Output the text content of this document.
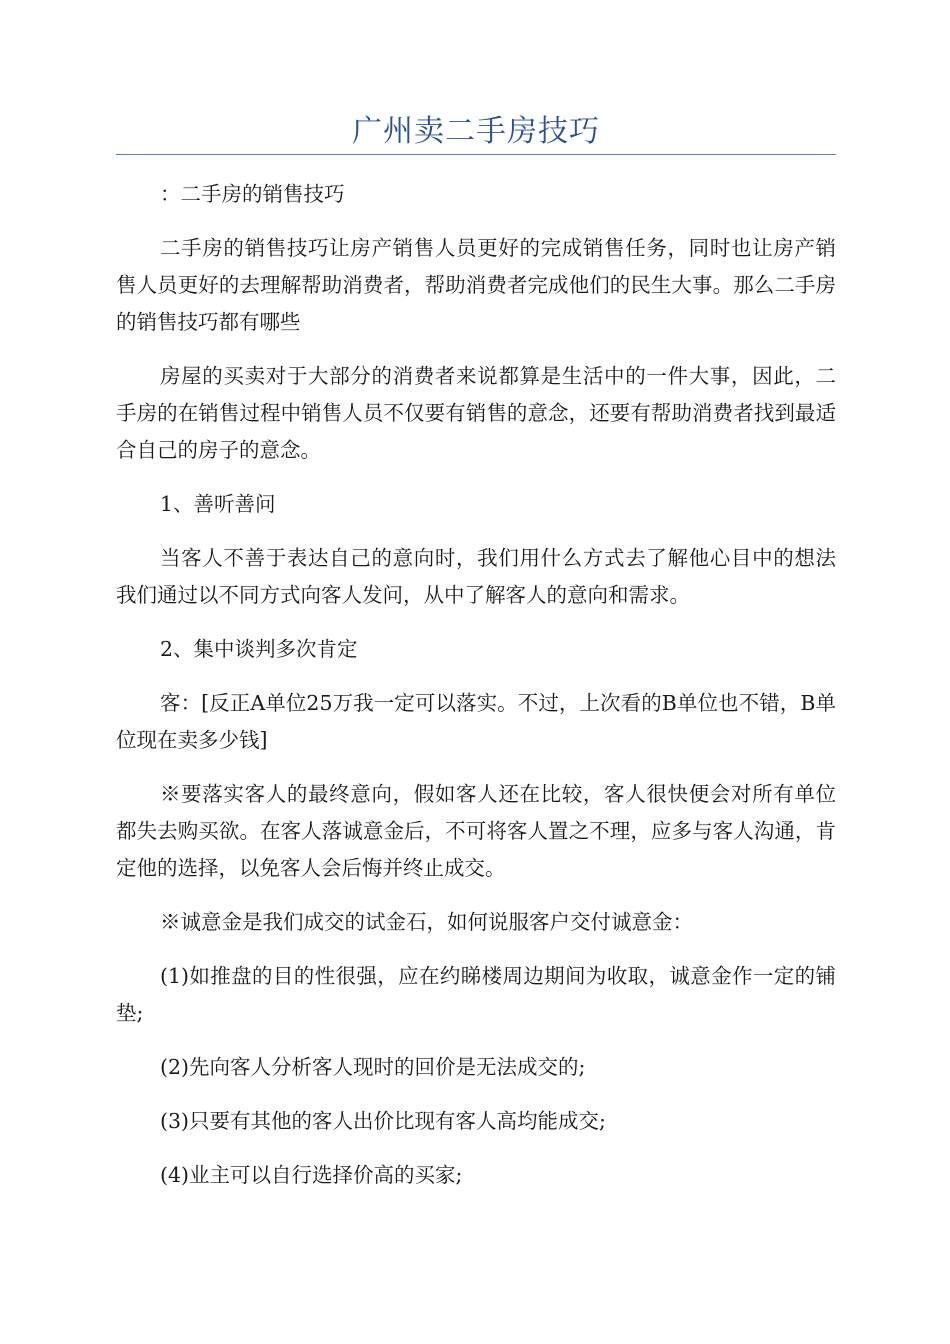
广州卖二手房技巧

：二手房的销售技巧

二手房的销售技巧让房产销售人员更好的完成销售任务，同时也让房产销售人员更好的去理解帮助消费者，帮助消费者完成他们的民生大事。那么二手房的销售技巧都有哪些

房屋的买卖对于大部分的消费者来说都算是生活中的一件大事，因此，二手房的在销售过程中销售人员不仅要有销售的意念，还要有帮助消费者找到最适合自己的房子的意念。

1、善听善问

当客人不善于表达自己的意向时，我们用什么方式去了解他心目中的想法我们通过以不同方式向客人发问，从中了解客人的意向和需求。

2、集中谈判多次肯定

客：[反正A单位25万我一定可以落实。不过，上次看的B单位也不错，B单位现在卖多少钱]

※要落实客人的最终意向，假如客人还在比较，客人很快便会对所有单位都失去购买欲。在客人落诚意金后，不可将客人置之不理，应多与客人沟通，肯定他的选择，以免客人会后悔并终止成交。

※诚意金是我们成交的试金石，如何说服客户交付诚意金：

(1)如推盘的目的性很强，应在约睇楼周边期间为收取，诚意金作一定的铺垫;

(2)先向客人分析客人现时的回价是无法成交的;

(3)只要有其他的客人出价比现有客人高均能成交;

(4)业主可以自行选择价高的买家;
